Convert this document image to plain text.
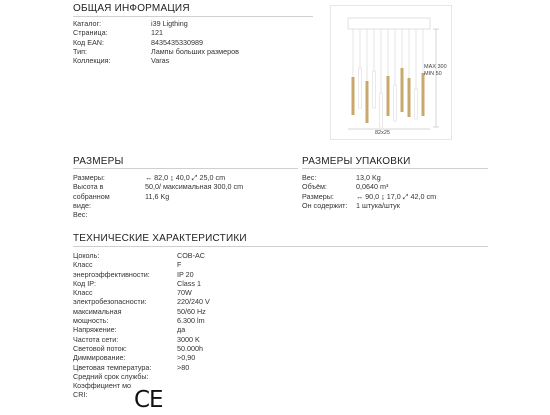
ОБЩАЯ ИНФОРМАЦИЯ
Каталог:
Страница:
Код EAN:
Тип:
Коллекция:
i39 Ligthing
121
8435435330989
Лампы больших размеров
Varas
MAX 300
MIN 50
82x25
РАЗМЕРЫ
Размеры:
Высота в
собранном
виде:
Вес:
↔ 82,0 ↨ 40,0 ⤢ 25,0 cm
50,0/ максимальная 300,0 cm
11,6 Kg
РАЗМЕРЫ УПАКОВКИ
Вес:
Объём:
Размеры:
Он содержит:
13,0 Kg
0,0640 m³
↔ 90,0 ↨ 17,0 ⤢ 42,0 cm
1 штука/штук
ТЕХНИЧЕСКИЕ ХАРАКТЕРИСТИКИ
Цоколь:
Класс
энергоэффективности:
Код IP:
Класс
электробезопасности:
максимальная
мощность:
Напряжение:
Частота сети:
Световой поток:
Диммирование:
Цветовая температура:
Средний срок службы:
Коэффициент мо
CRI:
COB-AC
F
IP 20
Class 1
70W
220/240 V
50/60 Hz
6.300 lm
да
3000 K
50.000h
>0,90
>80
CE
